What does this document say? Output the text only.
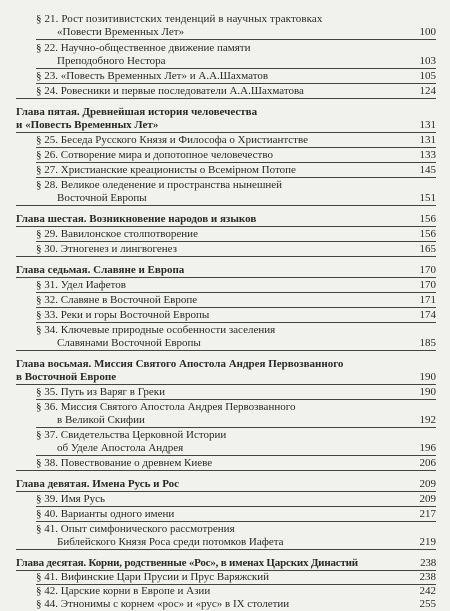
§ 21. Рост позитивистских тенденций в научных трактовках
«Повести Временных Лет»	100
§ 22. Научно-общественное движение памяти
Преподобного Нестора	103
§ 23. «Повесть Временных Лет» и А.А.Шахматов	105
§ 24. Ровесники и первые последователи А.А.Шахматова	124
Глава пятая. Древнейшая история человечества
и «Повесть Временных Лет»	131
§ 25. Беседа Русского Князя и Философа о Христиантстве	131
§ 26. Сотворение мира и допотопное человечество	133
§ 27. Христианские креационисты о Всемірном Потопе	145
§ 28. Великое оледенение и пространства нынешней
Восточной Европы	151
Глава шестая. Возникновение народов и языков	156
§ 29. Вавилонское столпотворение	156
§ 30. Этногенез и лингвогенез	165
Глава седьмая. Славяне и Европа	170
§ 31. Удел Иафетов	170
§ 32. Славяне в Восточной Европе	171
§ 33. Реки и горы Восточной Европы	174
§ 34. Ключевые природные особенности заселения
Славянами Восточной Европы	185
Глава восьмая. Миссия Святого Апостола Андрея Первозванного
в Восточной Европе	190
§ 35. Путь из Варяг в Греки	190
§ 36. Миссия Святого Апостола Андрея Первозванного
в Великой Скифии	192
§ 37. Свидетельства Церковной Истории
об Уделе Апостола Андрея	196
§ 38. Повествование о древнем Киеве	206
Глава девятая. Имена Русь и Рос	209
§ 39. Имя Русь	209
§ 40. Варианты одного имени	217
§ 41. Опыт симфонического рассмотрения
Библейского Князя Роса среди потомков Иафета	219
Глава десятая. Корни, родственные «Рос», в именах Царских Династий	238
§ 41. Вифинские Цари Прусии и Прус Варяжский	238
§ 42. Царские корни в Европе и Азии	242
§ 44. Этнонимы с корнем «рос» и «рус» в IX столетии	255
